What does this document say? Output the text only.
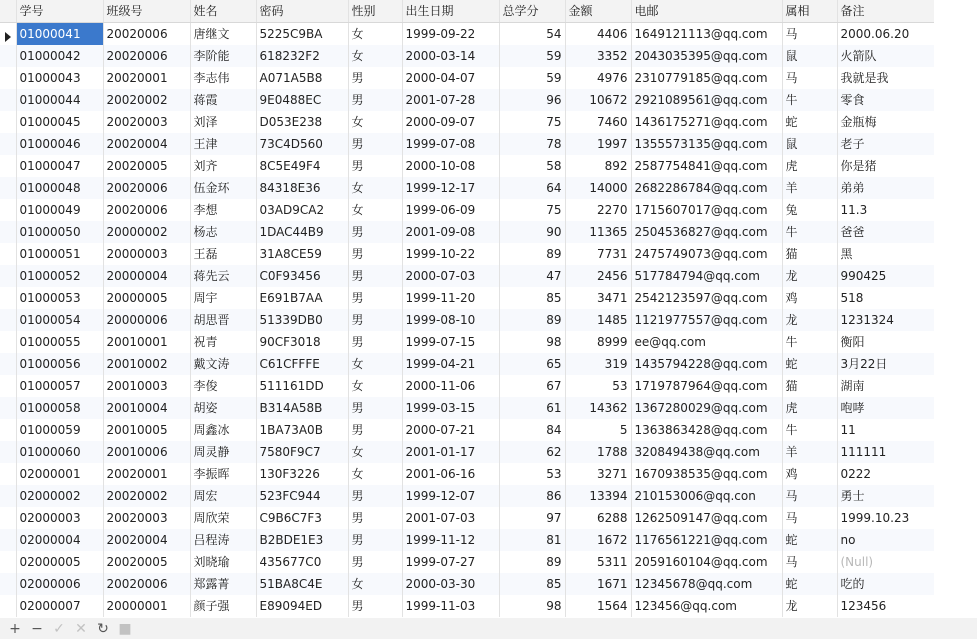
	学号	班级号	姓名	密码	性别	出生日期	总学分	金额	电邮	属相	备注

	01000041	20020006	唐继文	5225C9BA	女	1999-09-22	54	4406	1649121113@qq.com	马	2000.06.20
	01000042	20020006	李阶能	618232F2	女	2000-03-14	59	3352	2043035395@qq.com	鼠	火箭队
	01000043	20020001	李志伟	A071A5B8	男	2000-04-07	59	4976	2310779185@qq.com	马	我就是我
	01000044	20020002	蒋霞	9E0488EC	男	2001-07-28	96	10672	2921089561@qq.com	牛	零食
	01000045	20020003	刘泽	D053E238	女	2000-09-07	75	7460	1436175271@qq.com	蛇	金瓶梅
	01000046	20020004	王津	73C4D560	男	1999-07-08	78	1997	1355573135@qq.com	鼠	老子
	01000047	20020005	刘齐	8C5E49F4	男	2000-10-08	58	892	2587754841@qq.com	虎	你是猪
	01000048	20020006	伍金环	84318E36	女	1999-12-17	64	14000	2682286784@qq.com	羊	弟弟
	01000049	20020006	李想	03AD9CA2	女	1999-06-09	75	2270	1715607017@qq.com	兔	11.3
	01000050	20000002	杨志	1DAC44B9	男	2001-09-08	90	11365	2504536827@qq.com	牛	爸爸
	01000051	20000003	王磊	31A8CE59	男	1999-10-22	89	7731	2475749073@qq.com	猫	黑
	01000052	20000004	蒋先云	C0F93456	男	2000-07-03	47	2456	517784794@qq.com	龙	990425
	01000053	20000005	周宇	E691B7AA	男	1999-11-20	85	3471	2542123597@qq.com	鸡	518
	01000054	20000006	胡思晋	51339DB0	男	1999-08-10	89	1485	1121977557@qq.com	龙	1231324
	01000055	20010001	祝青	90CF3018	男	1999-07-15	98	8999	ee@qq.com	牛	衡阳
	01000056	20010002	戴文涛	C61CFFFE	女	1999-04-21	65	319	1435794228@qq.com	蛇	3月22日
	01000057	20010003	李俊	511161DD	女	2000-11-06	67	53	1719787964@qq.com	猫	湖南
	01000058	20010004	胡姿	B314A58B	男	1999-03-15	61	14362	1367280029@qq.com	虎	咆哮
	01000059	20010005	周鑫冰	1BA73A0B	男	2000-07-21	84	5	1363863428@qq.com	牛	11
	01000060	20010006	周灵静	7580F9C7	女	2001-01-17	62	1788	320849438@qq.com	羊	111111
	02000001	20020001	李振晖	130F3226	女	2001-06-16	53	3271	1670938535@qq.com	鸡	0222
	02000002	20020002	周宏	523FC944	男	1999-12-07	86	13394	210153006@qq.con	马	勇士
	02000003	20020003	周欣荣	C9B6C7F3	男	2001-07-03	97	6288	1262509147@qq.com	马	1999.10.23
	02000004	20020004	吕程涛	B2BDE1E3	男	1999-11-12	81	1672	1176561221@qq.com	蛇	no
	02000005	20020005	刘晓瑜	435677C0	男	1999-07-27	89	5311	2059160104@qq.com	马	(Null)
	02000006	20020006	郑露菁	51BA8C4E	女	2000-03-30	85	1671	12345678@qq.com	蛇	吃的
	02000007	20000001	颜子强	E89094ED	男	1999-11-03	98	1564	123456@qq.com	龙	123456
+ − ✓ ✕ ↻ ■
